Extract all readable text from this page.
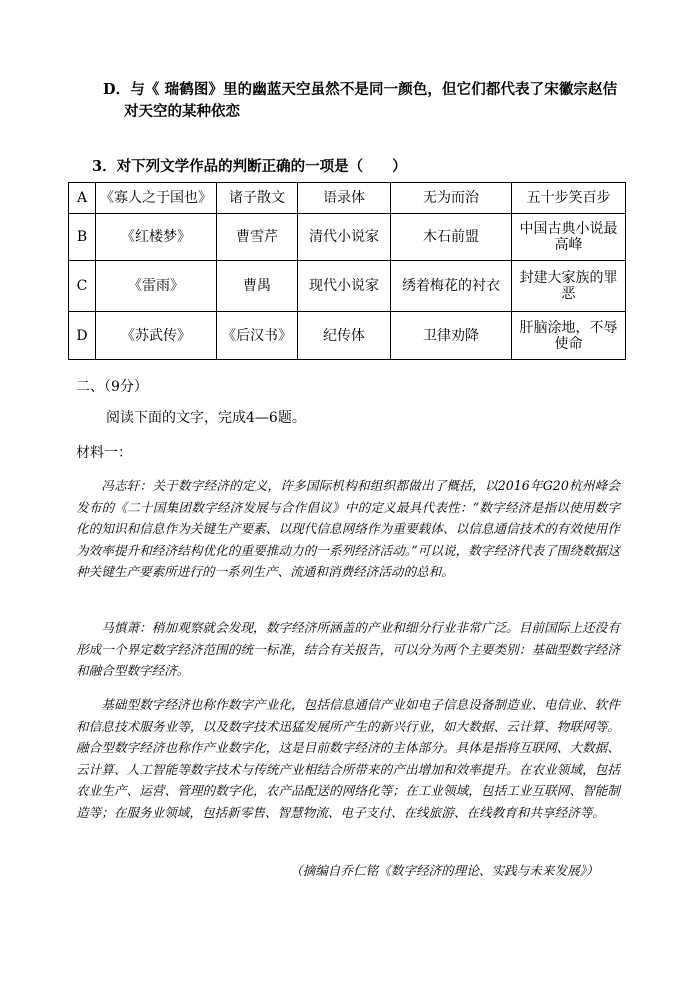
D．与《 瑞鹤图》里的幽蓝天空虽然不是同一颜色，但它们都代表了宋徽宗赵佶
对天空的某种依恋
3．对下列文学作品的判断正确的一项是（　　）
A	《寡人之于国也》	诸子散文	语录体	无为而治	五十步笑百步
B	《红楼梦》	曹雪芹	清代小说家	木石前盟	中国古典小说最高峰
C	《雷雨》	曹禺	现代小说家	绣着梅花的衬衣	封建大家族的罪恶
D	《苏武传》	《后汉书》	纪传体	卫律劝降	肝脑涂地，不辱使命
二、（9分）
阅读下面的文字，完成4—6题。
材料一：
冯志轩：关于数字经济的定义，许多国际机构和组织都做出了概括，以2016年G20杭州峰会发布的《二十国集团数字经济发展与合作倡议》中的定义最具代表性：“数字经济是指以使用数字化的知识和信息作为关键生产要素、以现代信息网络作为重要载体、以信息通信技术的有效使用作为效率提升和经济结构优化的重要推动力的一系列经济活动。”可以说，数字经济代表了围绕数据这种关键生产要素所进行的一系列生产、流通和消费经济活动的总和。
马慎萧：稍加观察就会发现，数字经济所涵盖的产业和细分行业非常广泛。目前国际上还没有形成一个界定数字经济范围的统一标准，结合有关报告，可以分为两个主要类别：基础型数字经济和融合型数字经济。
基础型数字经济也称作数字产业化，包括信息通信产业如电子信息设备制造业、电信业、软件和信息技术服务业等，以及数字技术迅猛发展所产生的新兴行业，如大数据、云计算、物联网等。融合型数字经济也称作产业数字化，这是目前数字经济的主体部分。具体是指将互联网、大数据、云计算、人工智能等数字技术与传统产业相结合所带来的产出增加和效率提升。在农业领域，包括农业生产、运营、管理的数字化，农产品配送的网络化等；在工业领域，包括工业互联网、智能制造等；在服务业领域，包括新零售、智慧物流、电子支付、在线旅游、在线教育和共享经济等。
（摘编自乔仁铭《数字经济的理论、实践与未来发展》）
